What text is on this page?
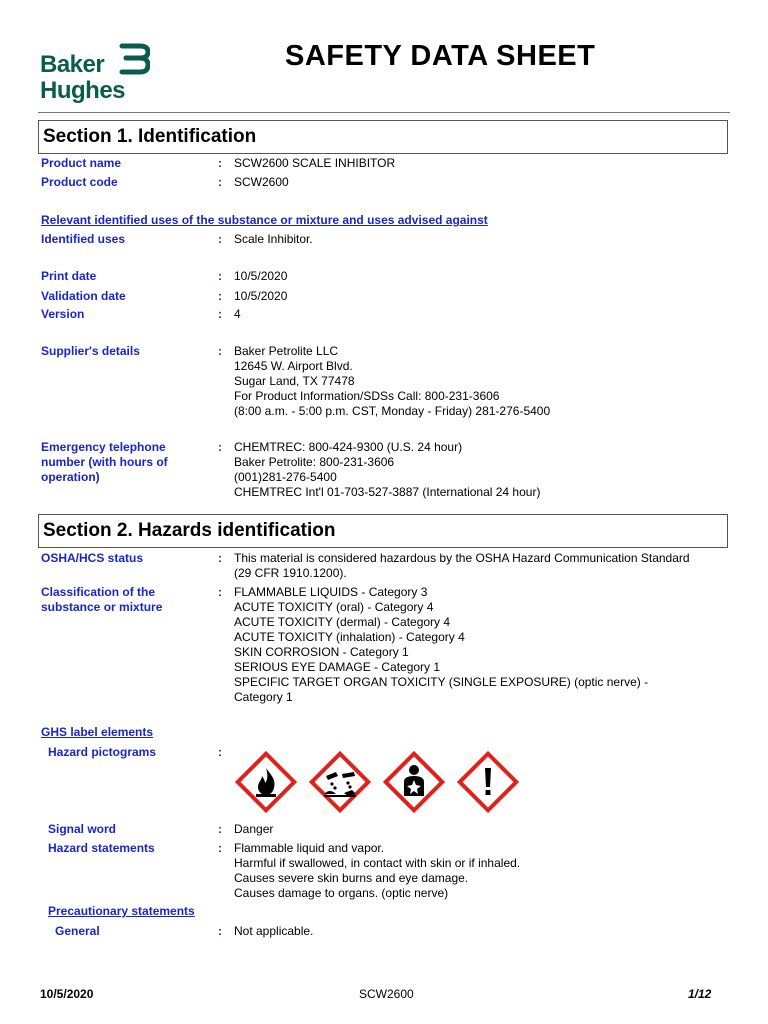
Baker
Hughes
SAFETY DATA SHEET
Section 1. Identification
Product name	: SCW2600 SCALE INHIBITOR
Product code	: SCW2600
Relevant identified uses of the substance or mixture and uses advised against
Identified uses	: Scale Inhibitor.
Print date	: 10/5/2020
Validation date	: 10/5/2020
Version	: 4
Supplier's details	: Baker Petrolite LLC
12645 W. Airport Blvd.
Sugar Land, TX 77478
For Product Information/SDSs Call: 800-231-3606
(8:00 a.m. - 5:00 p.m. CST, Monday - Friday) 281-276-5400
Emergency telephone
number (with hours of
operation)
: CHEMTREC: 800-424-9300 (U.S. 24 hour)
Baker Petrolite: 800-231-3606
(001)281-276-5400
CHEMTREC Int'l 01-703-527-3887 (International 24 hour)
Section 2. Hazards identification
OSHA/HCS status	: This material is considered hazardous by the OSHA Hazard Communication Standard
(29 CFR 1910.1200).
Classification of the
substance or mixture
: FLAMMABLE LIQUIDS - Category 3
ACUTE TOXICITY (oral) - Category 4
ACUTE TOXICITY (dermal) - Category 4
ACUTE TOXICITY (inhalation) - Category 4
SKIN CORROSION - Category 1
SERIOUS EYE DAMAGE - Category 1
SPECIFIC TARGET ORGAN TOXICITY (SINGLE EXPOSURE) (optic nerve) -
Category 1
GHS label elements
Hazard pictograms	:
Signal word	: Danger
Hazard statements	: Flammable liquid and vapor.
Harmful if swallowed, in contact with skin or if inhaled.
Causes severe skin burns and eye damage.
Causes damage to organs. (optic nerve)
Precautionary statements
General	: Not applicable.
10/5/2020	SCW2600	1/12
